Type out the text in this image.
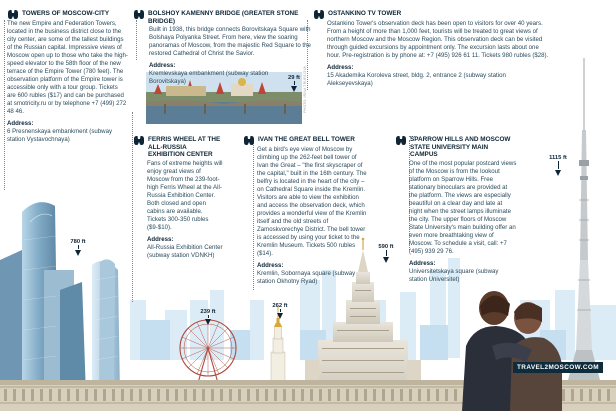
PHOTO: IRINA TRUFILOVA
TRAVEL2MOSCOW.COM
TOWERS OF MOSCOW-CITY
The new Empire and Federation Towers, located in the business district close to the city center, are some of the tallest buildings of the Russian capital. Impressive views of Moscow open up to those who take the high-speed elevator to the 58th floor of the new terrace of the Empire Tower (780 feet). The observation platform of the Empire tower is accessible only with a tour group. Tickets are 600 rubles ($17) and can be purchased at smotricity.ru or by telephone +7 (499) 272 48 46.
Address:
6 Presnenskaya embankment (subway station Vystavochnaya)
BOLSHOY KAMENNY BRIDGE (GREATER STONE BRIDGE)
Built in 1938, this bridge connects Borovitskaya Square with Bolshaya Polyanka Street. From here, view the soaring panoramas of Moscow, from the majestic Red Square to the restored Cathedral of Christ the Savior.
Address:
Kremlevskaya embankment (subway station Borovitskaya)
OSTANKINO TV TOWER
Ostankino Tower's observation deck has been open to visitors for over 40 years. From a height of more than 1,000 feet, tourists will be treated to great views of northern Moscow and the Moscow Region. This observation deck can be visited through guided excursions by appointment only. The excursion lasts about one hour. Pre-registration is by phone at: +7 (495) 926 61 11. Tickets 980 rubles ($28).
Address:
15 Akademika Koroleva street, bldg. 2, entrance 2 (subway station Alekseyevskaya)
FERRIS WHEEL AT THE ALL-RUSSIA EXHIBITION CENTER
Fans of extreme heights will enjoy great views of Moscow from the 239-foot-high Ferris Wheel at the All-Russia Exhibition Center. Both closed and open cabins are available. Tickets 300-350 rubles ($9-$10).
Address:
All-Russia Exhibition Center (subway station VDNKH)
IVAN THE GREAT BELL TOWER
Get a bird's eye view of Moscow by climbing up the 262-feet bell tower of Ivan the Great – "the first skyscraper of the capital," built in the 16th century. The belfry is located in the heart of the city – on Cathedral Square inside the Kremlin. Visitors are able to view the exhibition and access the observation deck, which provides a wonderful view of the Kremlin itself and the old streets of Zamoskvorechye District. The bell tower is accessed by using your ticket to the Kremlin Museum. Tickets 500 rubles ($14).
Address:
Kremlin, Sobornaya square (subway station Okhotny Ryad)
SPARROW HILLS AND MOSCOW STATE UNIVERSITY MAIN CAMPUS
One of the most popular postcard views of the Moscow is from the lookout platform on Sparrow Hills. Free stationary binoculars are provided at the platform. The views are especially beautiful on a clear day and late at night when the street lamps illuminate the city. The upper floors of Moscow State University's main building offer an even more breathtaking view of Moscow. To schedule a visit, call: +7 (495) 939 29 76.
Address:
Universitetskaya square (subway station Universitet)
29 ft
1115 ft
780 ft
590 ft
262 ft
239 ft
